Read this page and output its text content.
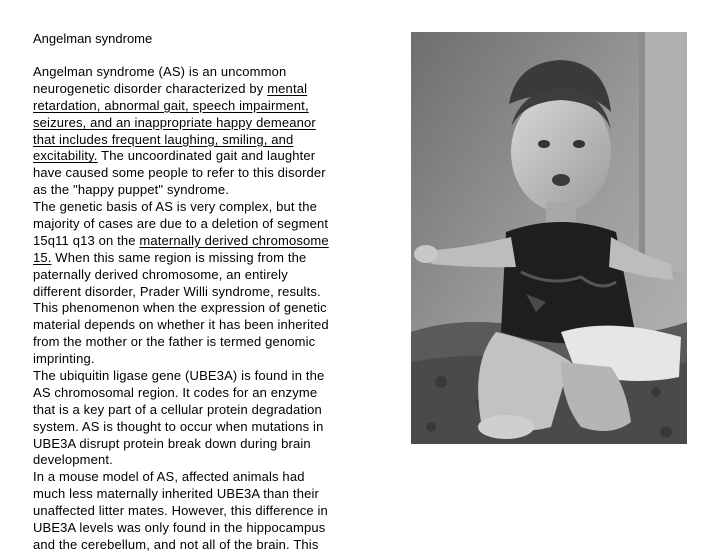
Angelman syndrome
Angelman syndrome (AS) is an uncommon
neurogenetic disorder characterized by mental
retardation, abnormal gait, speech impairment,
seizures, and an inappropriate happy demeanor
that includes frequent laughing, smiling, and
excitability. The uncoordinated gait and laughter
have caused some people to refer to this disorder
as the "happy puppet" syndrome.
The genetic basis of AS is very complex, but the
majority of cases are due to a deletion of segment
15q11 q13 on the maternally derived chromosome
15. When this same region is missing from the
paternally derived chromosome, an entirely
different disorder, Prader Willi syndrome, results.
This phenomenon when the expression of genetic
material depends on whether it has been inherited
from the mother or the father is termed genomic
imprinting.
The ubiquitin ligase gene (UBE3A) is found in the
AS chromosomal region. It codes for an enzyme
that is a key part of a cellular protein degradation
system. AS is thought to occur when mutations in
UBE3A disrupt protein break down during brain
development.
In a mouse model of AS, affected animals had
much less maternally inherited UBE3A than their
unaffected litter mates. However, this difference in
UBE3A levels was only found in the hippocampus
and the cerebellum, and not all of the brain. This
